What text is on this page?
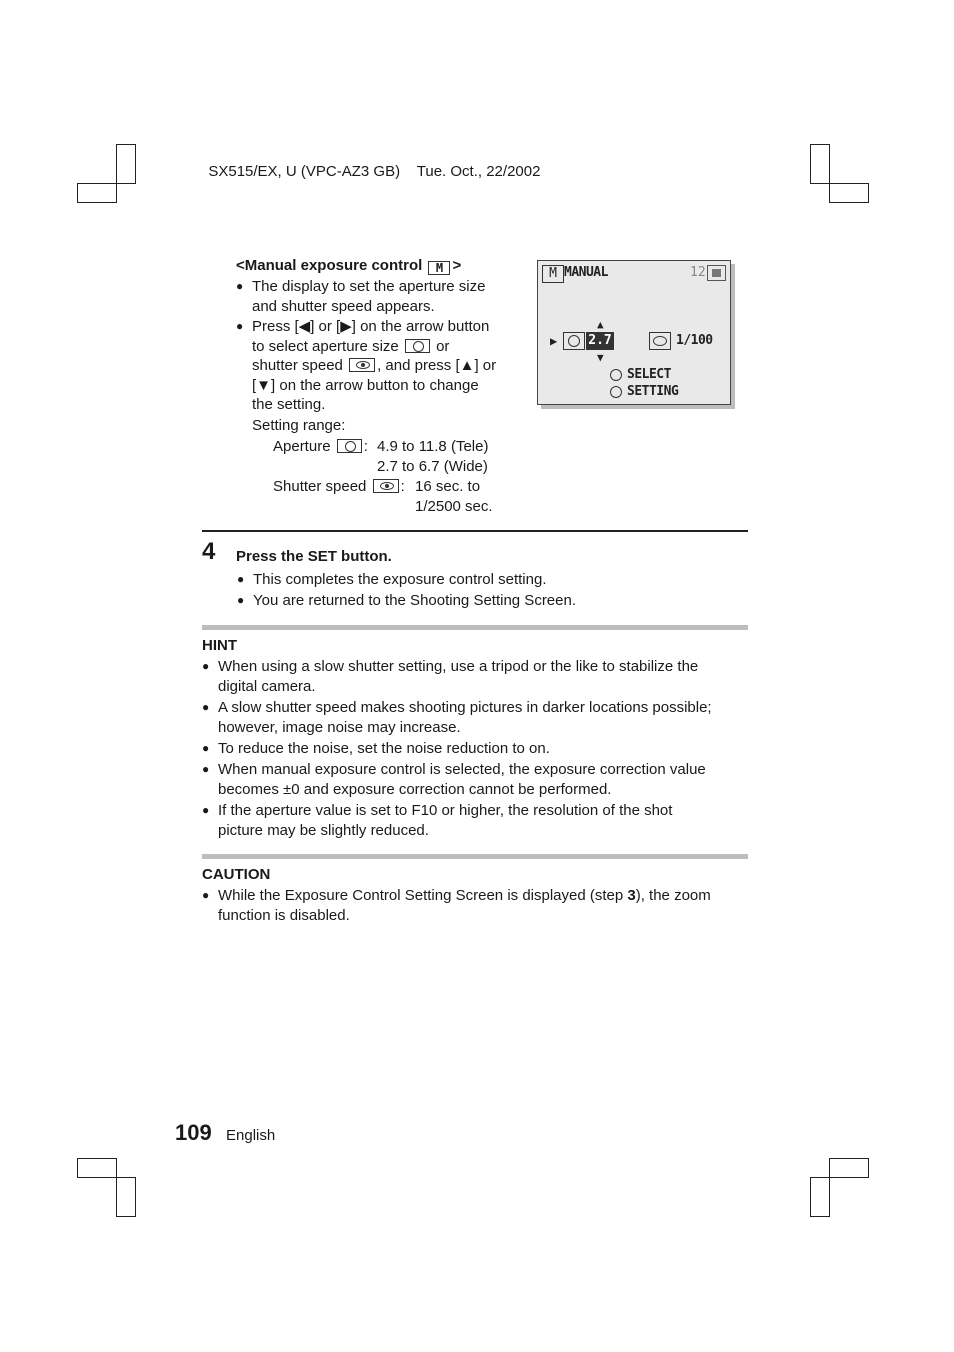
SX515/EX, U (VPC-AZ3 GB) Tue. Oct., 22/2002

<Manual exposure control M >
● The display to set the aperture size
and shutter speed appears.
● Press [◀] or [▶] on the arrow button
to select aperture size or
shutter speed , and press [▲] or
[▼] on the arrow button to change
the setting.
Setting range:
Aperture : 4.9 to 11.8 (Tele)
2.7 to 6.7 (Wide)
Shutter speed : 16 sec. to
1/2500 sec.
M MANUAL	12
▲
▶ 2.7
▼
1/100
SELECT
SETTING
4 Press the SET button.
● This completes the exposure control setting.
● You are returned to the Shooting Setting Screen.
HINT
● When using a slow shutter setting, use a tripod or the like to stabilize the
digital camera.
● A slow shutter speed makes shooting pictures in darker locations possible;
however, image noise may increase.
● To reduce the noise, set the noise reduction to on.
● When manual exposure control is selected, the exposure correction value
becomes ±0 and exposure correction cannot be performed.
● If the aperture value is set to F10 or higher, the resolution of the shot
picture may be slightly reduced.
CAUTION
● While the Exposure Control Setting Screen is displayed (step 3), the zoom
function is disabled.
109 English
